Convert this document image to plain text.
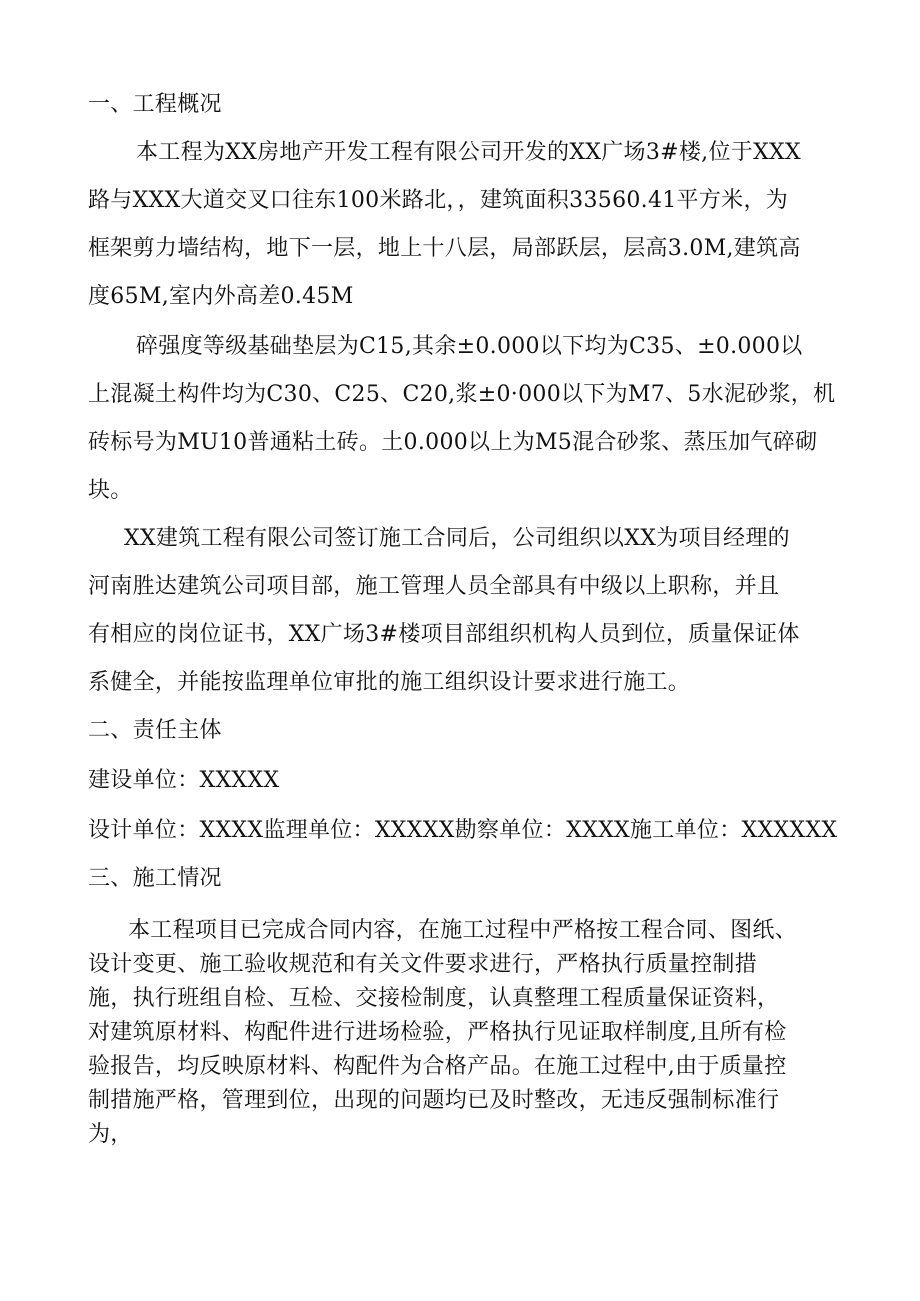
一、工程概况
本工程为XX房地产开发工程有限公司开发的XX广场3#楼,位于XXX
路与XXX大道交叉口往东100米路北，，建筑面积33560.41平方米，为
框架剪力墙结构，地下一层，地上十八层，局部跃层，层高3.0M,建筑高
度65M,室内外高差0.45M
碎强度等级基础垫层为C15,其余±0.000以下均为C35、±0.000以
上混凝土构件均为C30、C25、C20,浆±0·000以下为M7、5水泥砂浆，机
砖标号为MU10普通粘土砖。土0.000以上为M5混合砂浆、蒸压加气碎砌
块。
XX建筑工程有限公司签订施工合同后，公司组织以XX为项目经理的
河南胜达建筑公司项目部，施工管理人员全部具有中级以上职称，并且
有相应的岗位证书，XX广场3#楼项目部组织机构人员到位，质量保证体
系健全，并能按监理单位审批的施工组织设计要求进行施工。
二、责任主体
建设单位：XXXXX
设计单位：XXXX监理单位：XXXXX勘察单位：XXXX施工单位：XXXXXX
三、施工情况
本工程项目已完成合同内容，在施工过程中严格按工程合同、图纸、
设计变更、施工验收规范和有关文件要求进行，严格执行质量控制措
施，执行班组自检、互检、交接检制度，认真整理工程质量保证资料，
对建筑原材料、构配件进行进场检验，严格执行见证取样制度,且所有检
验报告，均反映原材料、构配件为合格产品。在施工过程中,由于质量控
制措施严格，管理到位，出现的问题均已及时整改，无违反强制标准行
为，
